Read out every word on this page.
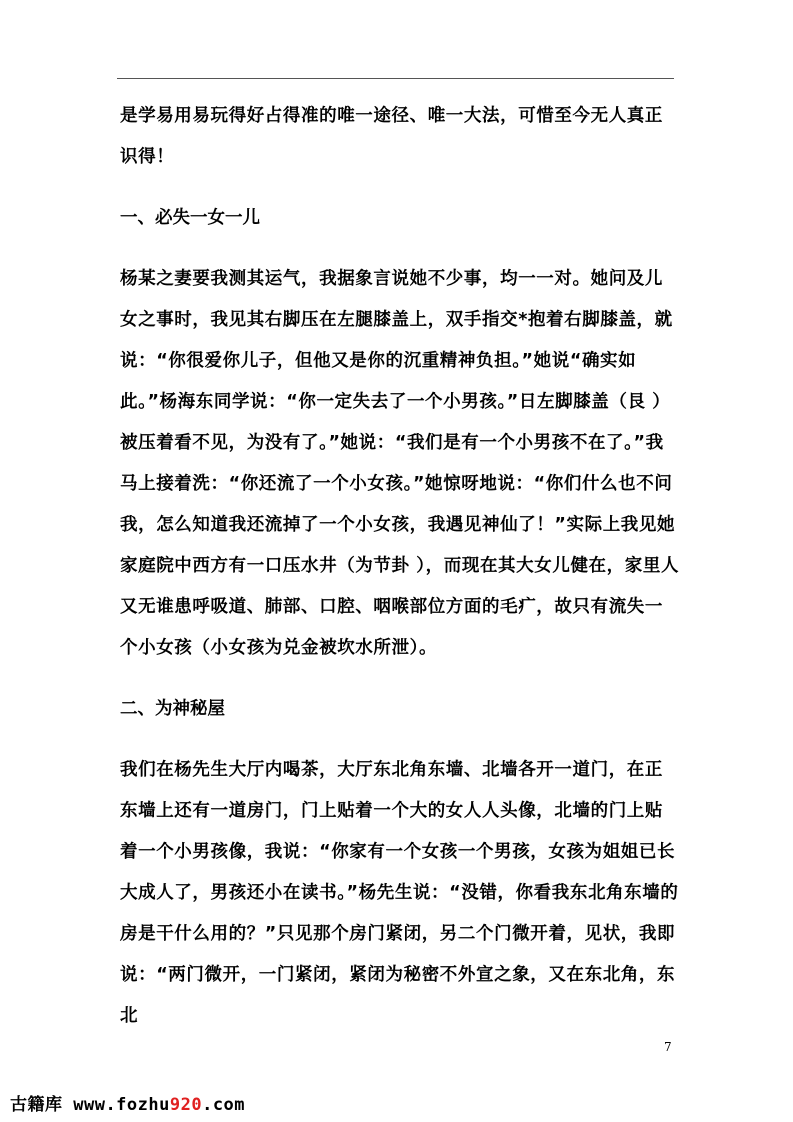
是学易用易玩得好占得准的唯一途径、唯一大法，可惜至今无人真正识得！

一、必失一女一儿

杨某之妻要我测其运气，我据象言说她不少事，均一一对。她问及儿女之事时，我见其右脚压在左腿膝盖上，双手指交*抱着右脚膝盖，就说：“你很爱你儿子，但他又是你的沉重精神负担。”她说“确实如此。”杨海东同学说：“你一定失去了一个小男孩。”日左脚膝盖（艮 ）被压着看不见，为没有了。”她说：“我们是有一个小男孩不在了。”我马上接着洗：“你还流了一个小女孩。”她惊呀地说：“你们什么也不问我，怎么知道我还流掉了一个小女孩，我遇见神仙了！”实际上我见她家庭院中西方有一口压水井（为节卦 ），而现在其大女儿健在，家里人又无谁患呼吸道、肺部、口腔、咽喉部位方面的毛疒，故只有流失一个小女孩（小女孩为兑金被坎水所泄）。

二、为神秘屋

我们在杨先生大厅内喝茶，大厅东北角东墙、北墙各开一道门，在正东墙上还有一道房门，门上贴着一个大的女人人头像，北墙的门上贴着一个小男孩像，我说：“你家有一个女孩一个男孩，女孩为姐姐已长大成人了，男孩还小在读书。”杨先生说：“没错，你看我东北角东墙的房是干什么用的？”只见那个房门紧闭，另二个门微开着，见状，我即说：“两门微开，一门紧闭，紧闭为秘密不外宣之象，又在东北角，东北

7
古籍库 www.fozhu920.com
